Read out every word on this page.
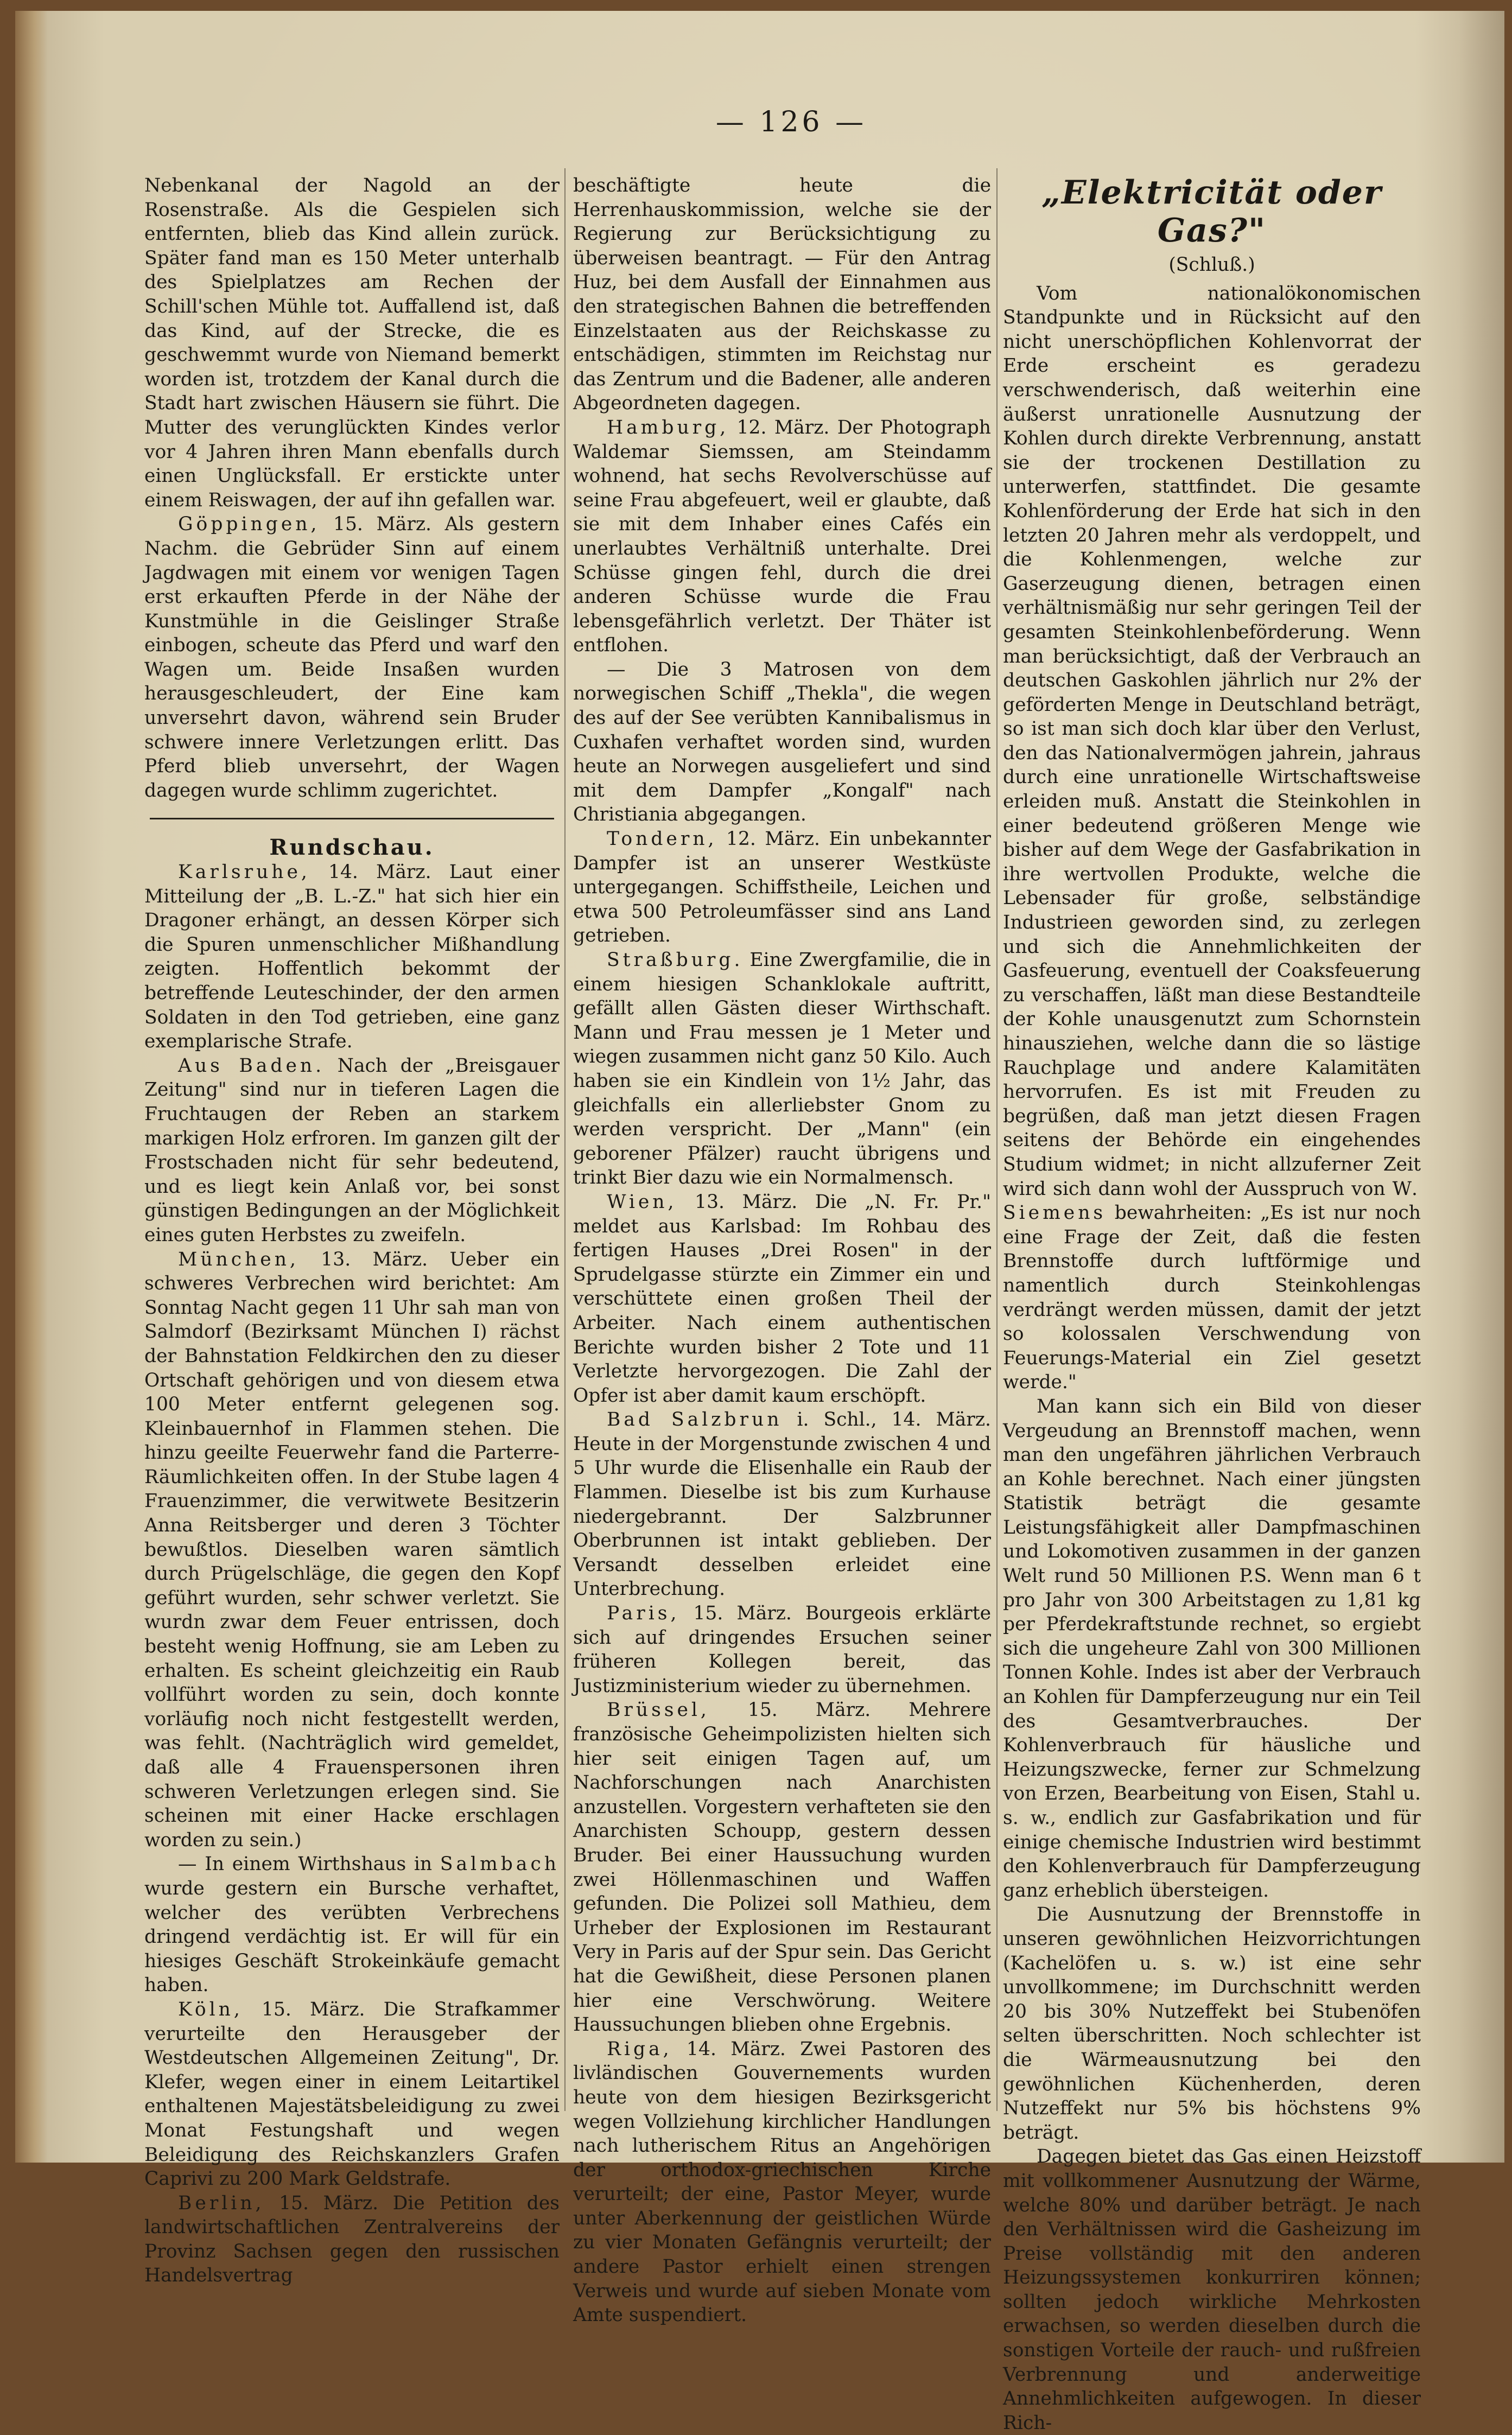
— 126 —

Nebenkanal der Nagold an der Rosenstraße. Als die Gespielen sich entfernten, blieb das Kind allein zurück. Später fand man es 150 Meter unterhalb des Spielplatzes am Rechen der Schill'schen Mühle tot. Auffallend ist, daß das Kind, auf der Strecke, die es geschwemmt wurde von Niemand bemerkt worden ist, trotzdem der Kanal durch die Stadt hart zwischen Häusern sie führt. Die Mutter des verunglückten Kindes verlor vor 4 Jahren ihren Mann ebenfalls durch einen Unglücksfall. Er erstickte unter einem Reiswagen, der auf ihn gefallen war.

Göppingen, 15. März. Als gestern Nachm. die Gebrüder Sinn auf einem Jagdwagen mit einem vor wenigen Tagen erst erkauften Pferde in der Nähe der Kunstmühle in die Geislinger Straße einbogen, scheute das Pferd und warf den Wagen um. Beide Insaßen wurden herausgeschleudert, der Eine kam unversehrt davon, während sein Bruder schwere innere Verletzungen erlitt. Das Pferd blieb unversehrt, der Wagen dagegen wurde schlimm zugerichtet.

Rundschau.

Karlsruhe, 14. März. Laut einer Mitteilung der „B. L.-Z." hat sich hier ein Dragoner erhängt, an dessen Körper sich die Spuren unmenschlicher Mißhandlung zeigten. Hoffentlich bekommt der betreffende Leuteschinder, der den armen Soldaten in den Tod getrieben, eine ganz exemplarische Strafe.

Aus Baden. Nach der „Breisgauer Zeitung" sind nur in tieferen Lagen die Fruchtaugen der Reben an starkem markigen Holz erfroren. Im ganzen gilt der Frostschaden nicht für sehr bedeutend, und es liegt kein Anlaß vor, bei sonst günstigen Bedingungen an der Möglichkeit eines guten Herbstes zu zweifeln.

München, 13. März. Ueber ein schweres Verbrechen wird berichtet: Am Sonntag Nacht gegen 11 Uhr sah man von Salmdorf (Bezirksamt München I) rächst der Bahnstation Feldkirchen den zu dieser Ortschaft gehörigen und von diesem etwa 100 Meter entfernt gelegenen sog. Kleinbauernhof in Flammen stehen. Die hinzu geeilte Feuerwehr fand die Parterre-Räumlichkeiten offen. In der Stube lagen 4 Frauenzimmer, die verwitwete Besitzerin Anna Reitsberger und deren 3 Töchter bewußtlos. Dieselben waren sämtlich durch Prügelschläge, die gegen den Kopf geführt wurden, sehr schwer verletzt. Sie wurdn zwar dem Feuer entrissen, doch besteht wenig Hoffnung, sie am Leben zu erhalten. Es scheint gleichzeitig ein Raub vollführt worden zu sein, doch konnte vorläufig noch nicht festgestellt werden, was fehlt. (Nachträglich wird gemeldet, daß alle 4 Frauenspersonen ihren schweren Verletzungen erlegen sind. Sie scheinen mit einer Hacke erschlagen worden zu sein.)

— In einem Wirthshaus in Salmbach wurde gestern ein Bursche verhaftet, welcher des verübten Verbrechens dringend verdächtig ist. Er will für ein hiesiges Geschäft Strokeinkäufe gemacht haben.

Köln, 15. März. Die Strafkammer verurteilte den Herausgeber der Westdeutschen Allgemeinen Zeitung", Dr. Klefer, wegen einer in einem Leitartikel enthaltenen Majestätsbeleidigung zu zwei Monat Festungshaft und wegen Beleidigung des Reichskanzlers Grafen Caprivi zu 200 Mark Geldstrafe.

Berlin, 15. März. Die Petition des landwirtschaftlichen Zentralvereins der Provinz Sachsen gegen den russischen Handelsvertrag

beschäftigte heute die Herrenhauskommission, welche sie der Regierung zur Berücksichtigung zu überweisen beantragt. — Für den Antrag Huz, bei dem Ausfall der Einnahmen aus den strategischen Bahnen die betreffenden Einzelstaaten aus der Reichskasse zu entschädigen, stimmten im Reichstag nur das Zentrum und die Badener, alle anderen Abgeordneten dagegen.

Hamburg, 12. März. Der Photograph Waldemar Siemssen, am Steindamm wohnend, hat sechs Revolverschüsse auf seine Frau abgefeuert, weil er glaubte, daß sie mit dem Inhaber eines Cafés ein unerlaubtes Verhältniß unterhalte. Drei Schüsse gingen fehl, durch die drei anderen Schüsse wurde die Frau lebensgefährlich verletzt. Der Thäter ist entflohen.

— Die 3 Matrosen von dem norwegischen Schiff „Thekla", die wegen des auf der See verübten Kannibalismus in Cuxhafen verhaftet worden sind, wurden heute an Norwegen ausgeliefert und sind mit dem Dampfer „Kongalf" nach Christiania abgegangen.

Tondern, 12. März. Ein unbekannter Dampfer ist an unserer Westküste untergegangen. Schiffstheile, Leichen und etwa 500 Petroleumfässer sind ans Land getrieben.

Straßburg. Eine Zwergfamilie, die in einem hiesigen Schanklokale auftritt, gefällt allen Gästen dieser Wirthschaft. Mann und Frau messen je 1 Meter und wiegen zusammen nicht ganz 50 Kilo. Auch haben sie ein Kindlein von 1½ Jahr, das gleichfalls ein allerliebster Gnom zu werden verspricht. Der „Mann" (ein geborener Pfälzer) raucht übrigens und trinkt Bier dazu wie ein Normalmensch.

Wien, 13. März. Die „N. Fr. Pr." meldet aus Karlsbad: Im Rohbau des fertigen Hauses „Drei Rosen" in der Sprudelgasse stürzte ein Zimmer ein und verschüttete einen großen Theil der Arbeiter. Nach einem authentischen Berichte wurden bisher 2 Tote und 11 Verletzte hervorgezogen. Die Zahl der Opfer ist aber damit kaum erschöpft.

Bad Salzbrun i. Schl., 14. März. Heute in der Morgenstunde zwischen 4 und 5 Uhr wurde die Elisenhalle ein Raub der Flammen. Dieselbe ist bis zum Kurhause niedergebrannt. Der Salzbrunner Oberbrunnen ist intakt geblieben. Der Versandt desselben erleidet eine Unterbrechung.

Paris, 15. März. Bourgeois erklärte sich auf dringendes Ersuchen seiner früheren Kollegen bereit, das Justizministerium wieder zu übernehmen.

Brüssel, 15. März. Mehrere französische Geheimpolizisten hielten sich hier seit einigen Tagen auf, um Nachforschungen nach Anarchisten anzustellen. Vorgestern verhafteten sie den Anarchisten Schoupp, gestern dessen Bruder. Bei einer Haussuchung wurden zwei Höllenmaschinen und Waffen gefunden. Die Polizei soll Mathieu, dem Urheber der Explosionen im Restaurant Very in Paris auf der Spur sein. Das Gericht hat die Gewißheit, diese Personen planen hier eine Verschwörung. Weitere Haussuchungen blieben ohne Ergebnis.

Riga, 14. März. Zwei Pastoren des livländischen Gouvernements wurden heute von dem hiesigen Bezirksgericht wegen Vollziehung kirchlicher Handlungen nach lutherischem Ritus an Angehörigen der orthodox-griechischen Kirche verurteilt; der eine, Pastor Meyer, wurde unter Aberkennung der geistlichen Würde zu vier Monaten Gefängnis verurteilt; der andere Pastor erhielt einen strengen Verweis und wurde auf sieben Monate vom Amte suspendiert.

„Elektricität oder Gas?"
(Schluß.)

Vom nationalökonomischen Standpunkte und in Rücksicht auf den nicht unerschöpflichen Kohlenvorrat der Erde erscheint es geradezu verschwenderisch, daß weiterhin eine äußerst unrationelle Ausnutzung der Kohlen durch direkte Verbrennung, anstatt sie der trockenen Destillation zu unterwerfen, stattfindet. Die gesamte Kohlenförderung der Erde hat sich in den letzten 20 Jahren mehr als verdoppelt, und die Kohlenmengen, welche zur Gaserzeugung dienen, betragen einen verhältnismäßig nur sehr geringen Teil der gesamten Steinkohlenbeförderung. Wenn man berücksichtigt, daß der Verbrauch an deutschen Gaskohlen jährlich nur 2% der geförderten Menge in Deutschland beträgt, so ist man sich doch klar über den Verlust, den das Nationalvermögen jahrein, jahraus durch eine unrationelle Wirtschaftsweise erleiden muß. Anstatt die Steinkohlen in einer bedeutend größeren Menge wie bisher auf dem Wege der Gasfabrikation in ihre wertvollen Produkte, welche die Lebensader für große, selbständige Industrieen geworden sind, zu zerlegen und sich die Annehmlichkeiten der Gasfeuerung, eventuell der Coaksfeuerung zu verschaffen, läßt man diese Bestandteile der Kohle unausgenutzt zum Schornstein hinausziehen, welche dann die so lästige Rauchplage und andere Kalamitäten hervorrufen. Es ist mit Freuden zu begrüßen, daß man jetzt diesen Fragen seitens der Behörde ein eingehendes Studium widmet; in nicht allzuferner Zeit wird sich dann wohl der Ausspruch von W. Siemens bewahrheiten: „Es ist nur noch eine Frage der Zeit, daß die festen Brennstoffe durch luftförmige und namentlich durch Steinkohlengas verdrängt werden müssen, damit der jetzt so kolossalen Verschwendung von Feuerungs-Material ein Ziel gesetzt werde."

Man kann sich ein Bild von dieser Vergeudung an Brennstoff machen, wenn man den ungefähren jährlichen Verbrauch an Kohle berechnet. Nach einer jüngsten Statistik beträgt die gesamte Leistungsfähigkeit aller Dampfmaschinen und Lokomotiven zusammen in der ganzen Welt rund 50 Millionen P.S. Wenn man 6 t pro Jahr von 300 Arbeitstagen zu 1,81 kg per Pferdekraftstunde rechnet, so ergiebt sich die ungeheure Zahl von 300 Millionen Tonnen Kohle. Indes ist aber der Verbrauch an Kohlen für Dampferzeugung nur ein Teil des Gesamtverbrauches. Der Kohlenverbrauch für häusliche und Heizungszwecke, ferner zur Schmelzung von Erzen, Bearbeitung von Eisen, Stahl u. s. w., endlich zur Gasfabrikation und für einige chemische Industrien wird bestimmt den Kohlenverbrauch für Dampferzeugung ganz erheblich übersteigen.

Die Ausnutzung der Brennstoffe in unseren gewöhnlichen Heizvorrichtungen (Kachelöfen u. s. w.) ist eine sehr unvollkommene; im Durchschnitt werden 20 bis 30% Nutzeffekt bei Stubenöfen selten überschritten. Noch schlechter ist die Wärmeausnutzung bei den gewöhnlichen Küchenherden, deren Nutzeffekt nur 5% bis höchstens 9% beträgt.

Dagegen bietet das Gas einen Heizstoff mit vollkommener Ausnutzung der Wärme, welche 80% und darüber beträgt. Je nach den Verhältnissen wird die Gasheizung im Preise vollständig mit den anderen Heizungssystemen konkurriren können; sollten jedoch wirkliche Mehrkosten erwachsen, so werden dieselben durch die sonstigen Vorteile der rauch- und rußfreien Verbrennung und anderweitige Annehmlichkeiten aufgewogen. In dieser Rich-
